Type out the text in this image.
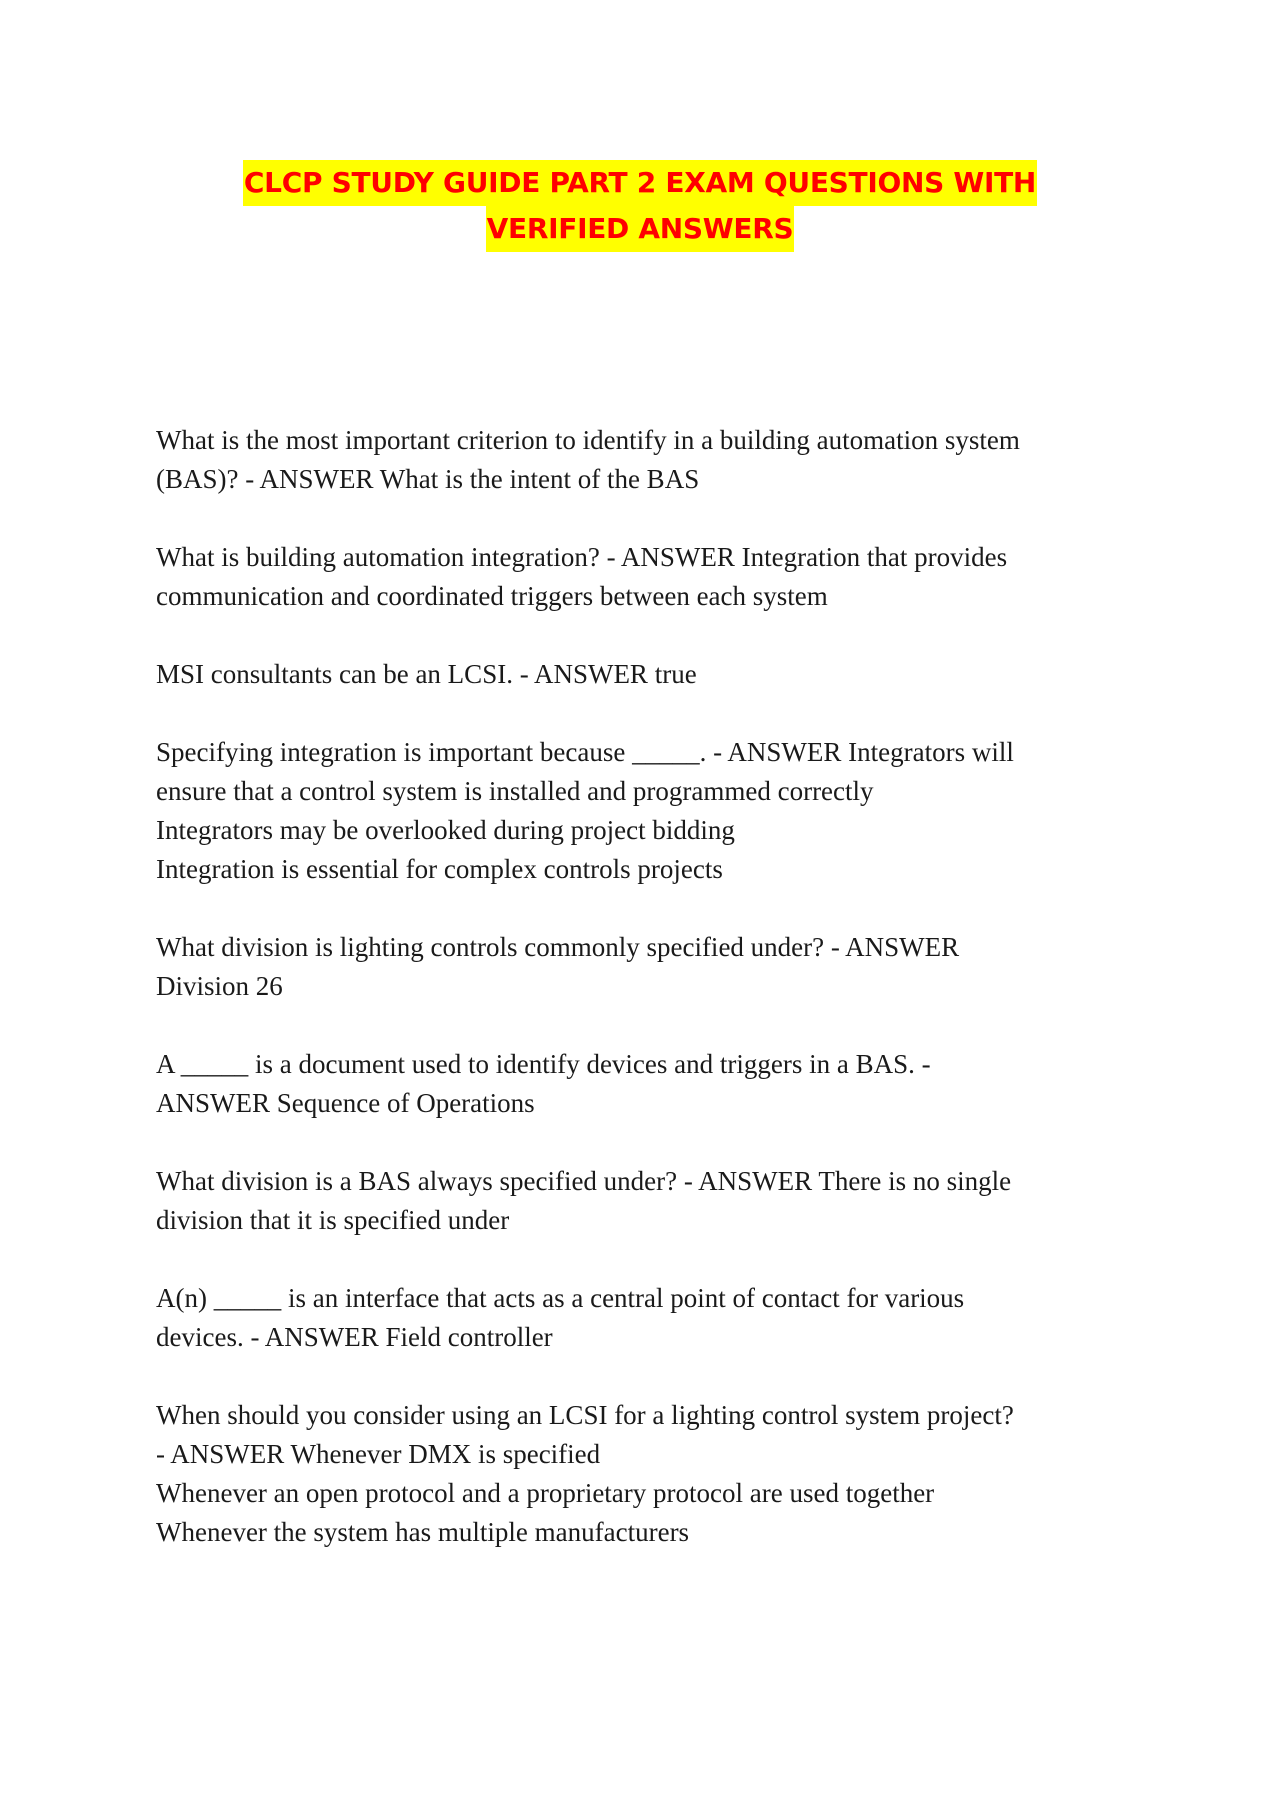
CLCP STUDY GUIDE PART 2 EXAM QUESTIONS WITH
VERIFIED ANSWERS
What is the most important criterion to identify in a building automation system
(BAS)? - ANSWER What is the intent of the BAS
What is building automation integration? - ANSWER Integration that provides
communication and coordinated triggers between each system
MSI consultants can be an LCSI. - ANSWER true
Specifying integration is important because _____. - ANSWER Integrators will
ensure that a control system is installed and programmed correctly
Integrators may be overlooked during project bidding
Integration is essential for complex controls projects
What division is lighting controls commonly specified under? - ANSWER
Division 26
A _____ is a document used to identify devices and triggers in a BAS. -
ANSWER Sequence of Operations
What division is a BAS always specified under? - ANSWER There is no single
division that it is specified under
A(n) _____ is an interface that acts as a central point of contact for various
devices. - ANSWER Field controller
When should you consider using an LCSI for a lighting control system project?
- ANSWER Whenever DMX is specified
Whenever an open protocol and a proprietary protocol are used together
Whenever the system has multiple manufacturers
